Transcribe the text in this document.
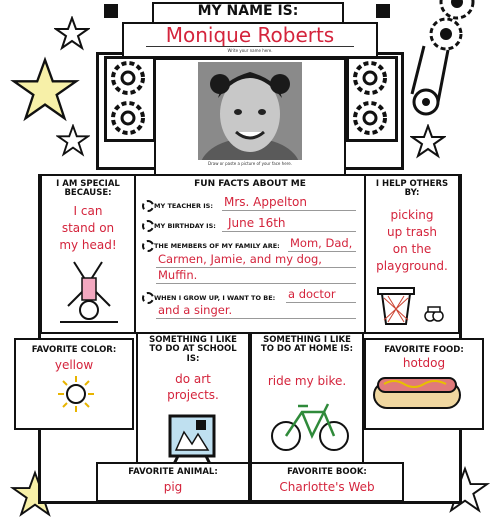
MY NAME IS:
Monique Roberts
Write your name here.
Draw or paste a picture of your face here.
I AM SPECIAL BECAUSE:
I can
stand on
my head!
FUN FACTS ABOUT ME
MY TEACHER IS: Mrs. Appelton
MY BIRTHDAY IS: June 16th
THE MEMBERS OF MY FAMILY ARE: Mom, Dad,
Carmen, Jamie, and my dog,
Muffin.
WHEN I GROW UP, I WANT TO BE: a doctor
and a singer.
I HELP OTHERS BY:
picking
up trash
on the
playground.
FAVORITE COLOR:
yellow
SOMETHING I LIKE TO DO AT SCHOOL IS:
do art
projects.
SOMETHING I LIKE TO DO AT HOME IS:
ride my bike.
FAVORITE FOOD:
hotdog
FAVORITE ANIMAL:
pig
FAVORITE BOOK:
Charlotte's Web
